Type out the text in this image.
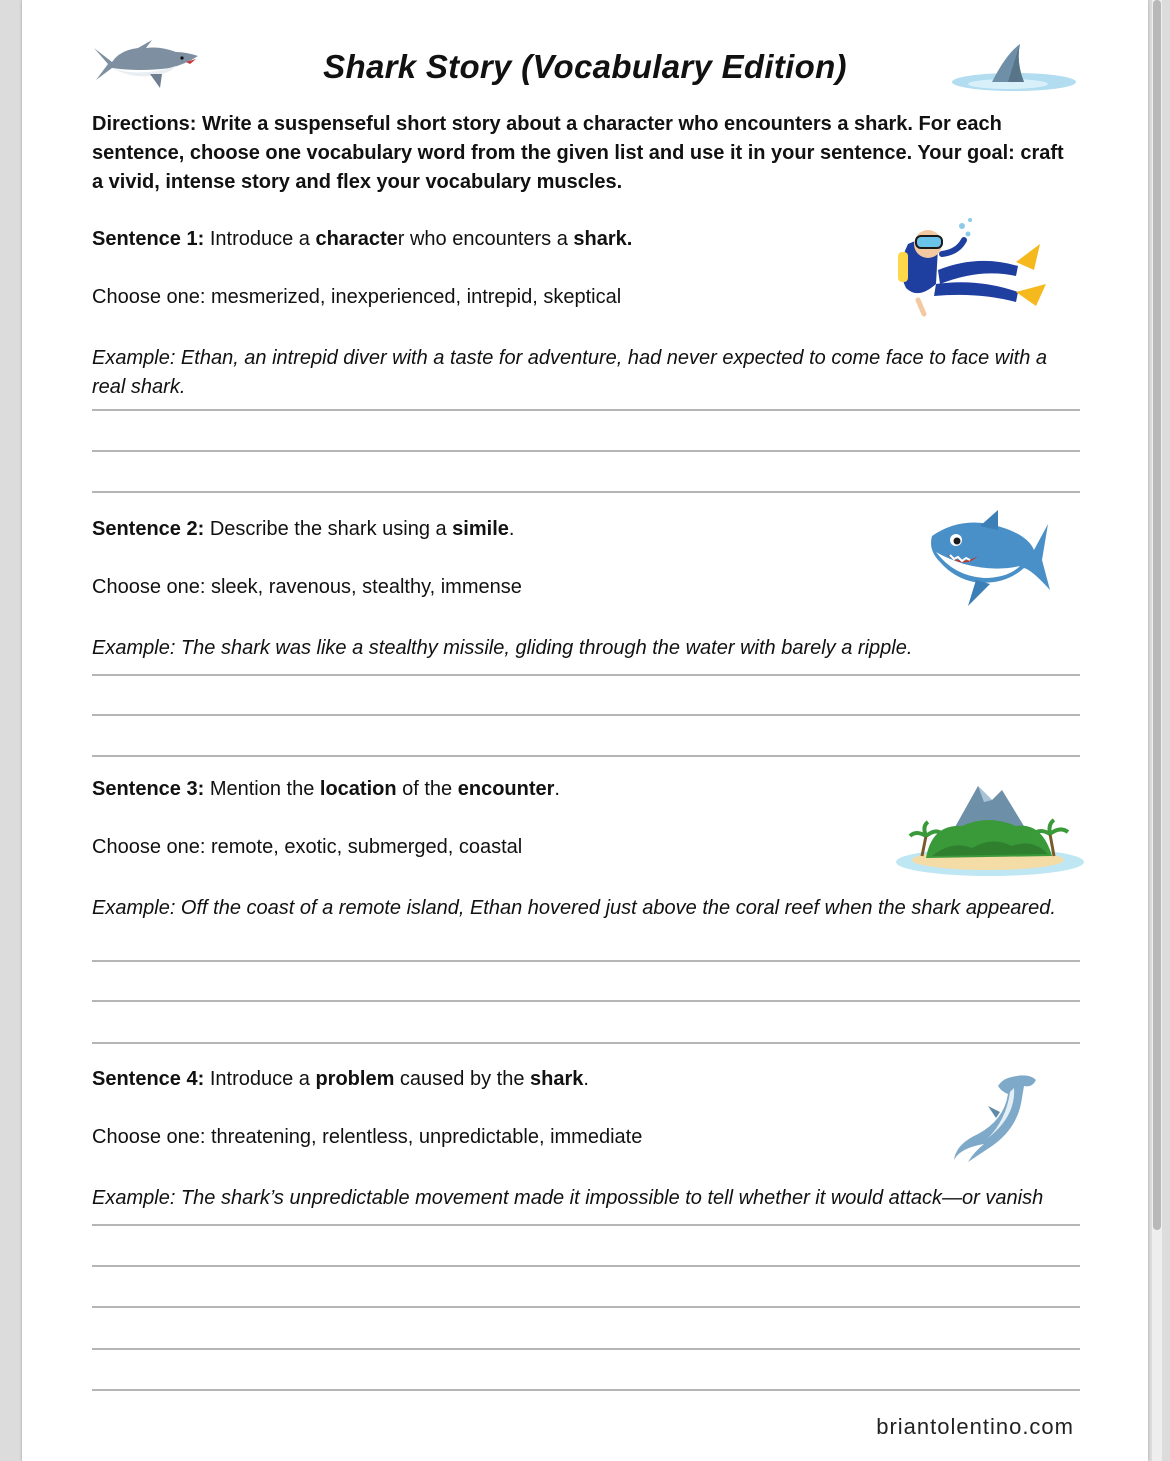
Shark Story (Vocabulary Edition)
Directions: Write a suspenseful short story about a character who encounters a shark. For each sentence, choose one vocabulary word from the given list and use it in your sentence. Your goal: craft a vivid, intense story and flex your vocabulary muscles.
Sentence 1: Introduce a character who encounters a shark.
Choose one: mesmerized, inexperienced, intrepid, skeptical
Example: Ethan, an intrepid diver with a taste for adventure, had never expected to come face to face with a real shark.
Sentence 2: Describe the shark using a simile.
Choose one: sleek, ravenous, stealthy, immense
Example: The shark was like a stealthy missile, gliding through the water with barely a ripple.
Sentence 3: Mention the location of the encounter.
Choose one: remote, exotic, submerged, coastal
Example: Off the coast of a remote island, Ethan hovered just above the coral reef when the shark appeared.
Sentence 4: Introduce a problem caused by the shark.
Choose one: threatening, relentless, unpredictable, immediate
Example: The shark’s unpredictable movement made it impossible to tell whether it would attack—or vanish
briantolentino.com
